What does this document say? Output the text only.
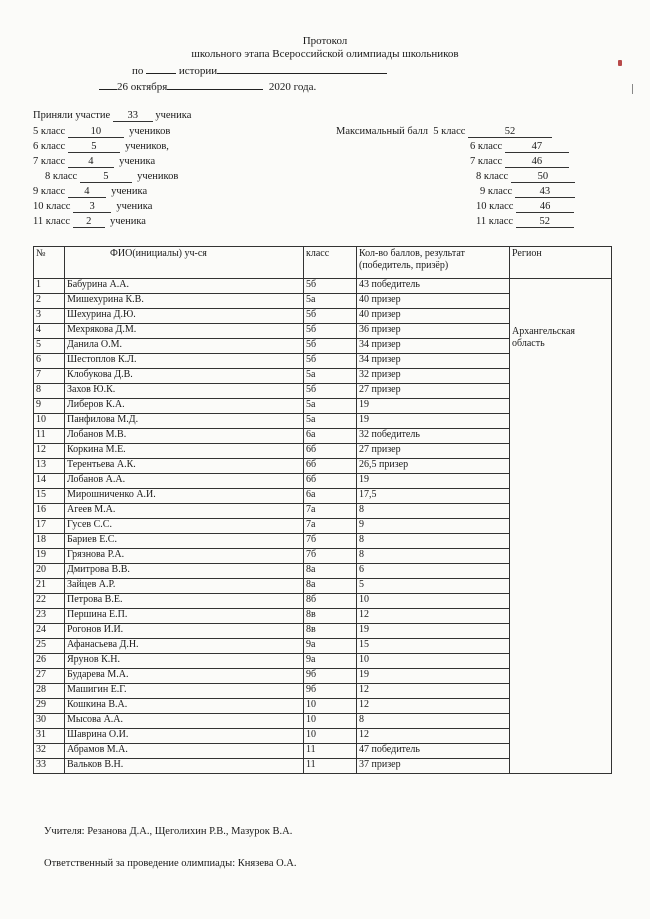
Протокол
школьного этапа Всероссийской олимпиады школьников
по	истории
26 октября	2020 года.
Приняли участие 33 ученика
5 класс 10	учеников
6 класс 5	учеников,
7 класс 4 ученика
8 класс 5	учеников
9 класс 4 ученика
10 класс 3 ученика
11 класс 2 ученика
Максимальный балл 5 класс	52
6 класс	47
7 класс	46
8 класс	50
9 класс	43
10 класс	46
11 класс	52
№	ФИО(инициалы) уч-ся	класс	Кол-во баллов, результат (победитель, призёр)	Регион
1	Бабурина А.А.	5б	43 победитель	Архангельская область
2	Мишехурина К.В.	5а	40 призер	
3	Шехурина Д.Ю.	5б	40 призер	
4	Мехрякова Д.М.	5б	36 призер	
5	Данила О.М.	5б	34 призер	
6	Шестоплов К.Л.	5б	34 призер	
7	Клобукова Д.В.	5а	32 призер	
8	Захов Ю.К.	5б	27 призер	
9	Либеров К.А.	5а	19	
10	Панфилова М.Д.	5а	19	
11	Лобанов М.В.	6а	32 победитель	
12	Коркина М.Е.	6б	27 призер	
13	Терентьева А.К.	6б	26,5 призер	
14	Лобанов А.А.	6б	19	
15	Мирошниченко А.И.	6а	17,5	
16	Агеев М.А.	7а	8	
17	Гусев С.С.	7а	9	
18	Бариев Е.С.	7б	8	
19	Грязнова Р.А.	7б	8	
20	Дмитрова В.В.	8а	6	
21	Зайцев А.Р.	8а	5	
22	Петрова В.Е.	8б	10	
23	Першина Е.П.	8в	12	
24	Рогонов И.И.	8в	19	
25	Афанасьева Д.Н.	9а	15	
26	Ярунов К.Н.	9а	10	
27	Бударева М.А.	9б	19	
28	Машигин Е.Г.	9б	12	
29	Кошкина В.А.	10	12	
30	Мысова А.А.	10	8	
31	Шаврина О.И.	10	12	
32	Абрамов М.А.	11	47 победитель	
33	Вальков В.Н.	11	37 призер	
Учителя: Резанова Д.А., Щеголихин Р.В., Мазурок В.А.
Ответственный за проведение олимпиады: Князева О.А.
